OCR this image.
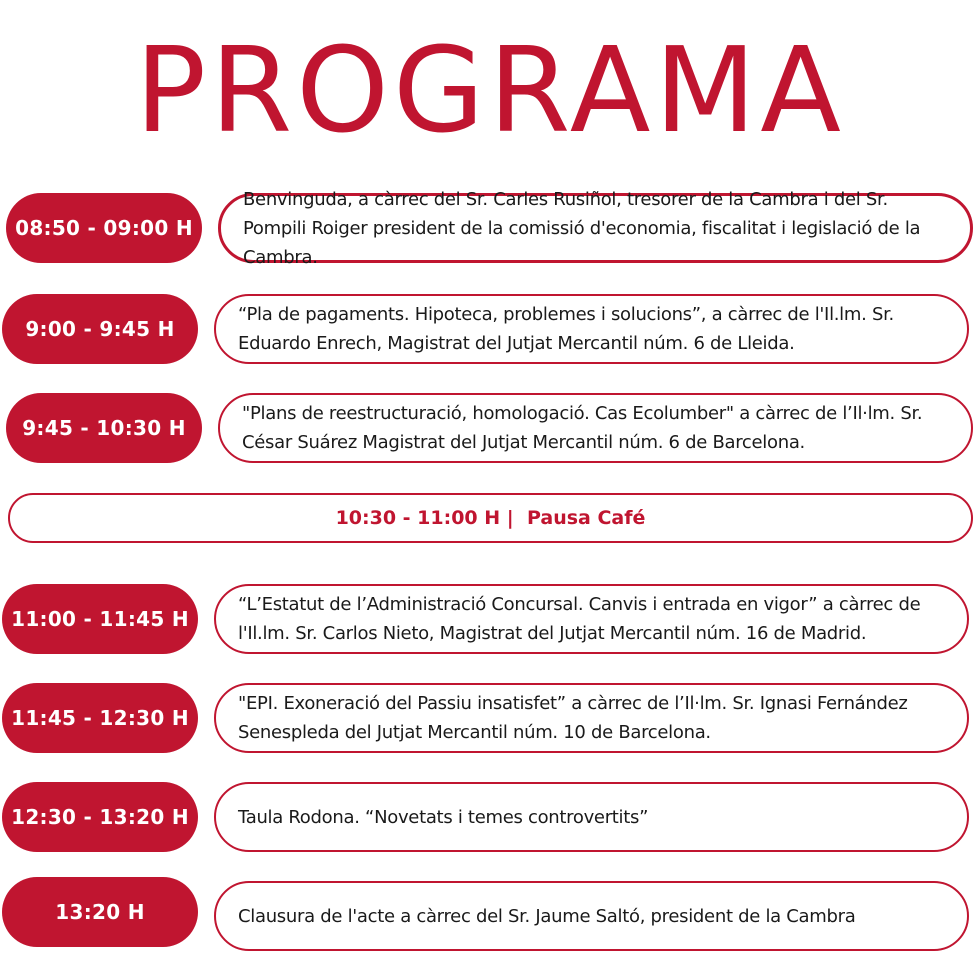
PROGRAMA
08:50 - 09:00 H
Benvinguda, a càrrec del Sr. Carles Rusiñol, tresorer de la Cambra i del Sr. Pompili Roiger president de la comissió d'economia, fiscalitat i legislació de la Cambra.
9:00 - 9:45 H
“Pla de pagaments. Hipoteca, problemes i solucions”, a càrrec de l'Il.lm. Sr. Eduardo Enrech, Magistrat del Jutjat Mercantil núm. 6 de Lleida.
9:45 - 10:30 H
"Plans de reestructuració, homologació. Cas Ecolumber" a càrrec de l’Il·lm. Sr. César Suárez Magistrat del Jutjat Mercantil núm. 6 de Barcelona.
10:30 - 11:00 H
|
Pausa Café
11:00 - 11:45 H
“L’Estatut de l’Administració Concursal. Canvis i entrada en vigor” a càrrec de l'Il.lm. Sr. Carlos Nieto, Magistrat del Jutjat Mercantil núm. 16 de Madrid.
11:45 - 12:30 H
"EPI. Exoneració del Passiu insatisfet” a càrrec de l’Il·lm. Sr. Ignasi Fernández Senespleda del Jutjat Mercantil núm. 10 de Barcelona.
12:30 - 13:20 H	Taula Rodona. “Novetats i temes controvertits”
13:20 H	Clausura de l'acte a càrrec del Sr. Jaume Saltó, president de la Cambra
